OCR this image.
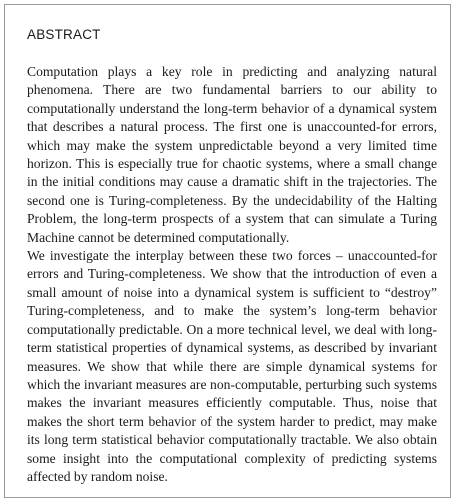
ABSTRACT

Computation plays a key role in predicting and analyzing natural phenomena. There are two fundamental barriers to our ability to computationally understand the long-term behavior of a dynamical system that describes a natural process. The first one is unaccounted-for errors, which may make the system unpredictable beyond a very limited time horizon. This is especially true for chaotic systems, where a small change in the initial conditions may cause a dramatic shift in the trajectories. The second one is Turing-completeness. By the undecidability of the Halting Problem, the long-term prospects of a system that can simulate a Turing Machine cannot be determined computationally.

We investigate the interplay between these two forces – unaccounted-for errors and Turing-completeness. We show that the introduction of even a small amount of noise into a dynamical system is sufficient to “destroy” Turing-completeness, and to make the system’s long-term behavior computationally predictable. On a more technical level, we deal with long-term statistical properties of dynamical systems, as described by invariant measures. We show that while there are simple dynamical systems for which the invariant measures are non-computable, perturbing such systems makes the invariant measures efficiently computable. Thus, noise that makes the short term behavior of the system harder to predict, may make its long term statistical behavior computationally tractable. We also obtain some insight into the computational complexity of predicting systems affected by random noise.
